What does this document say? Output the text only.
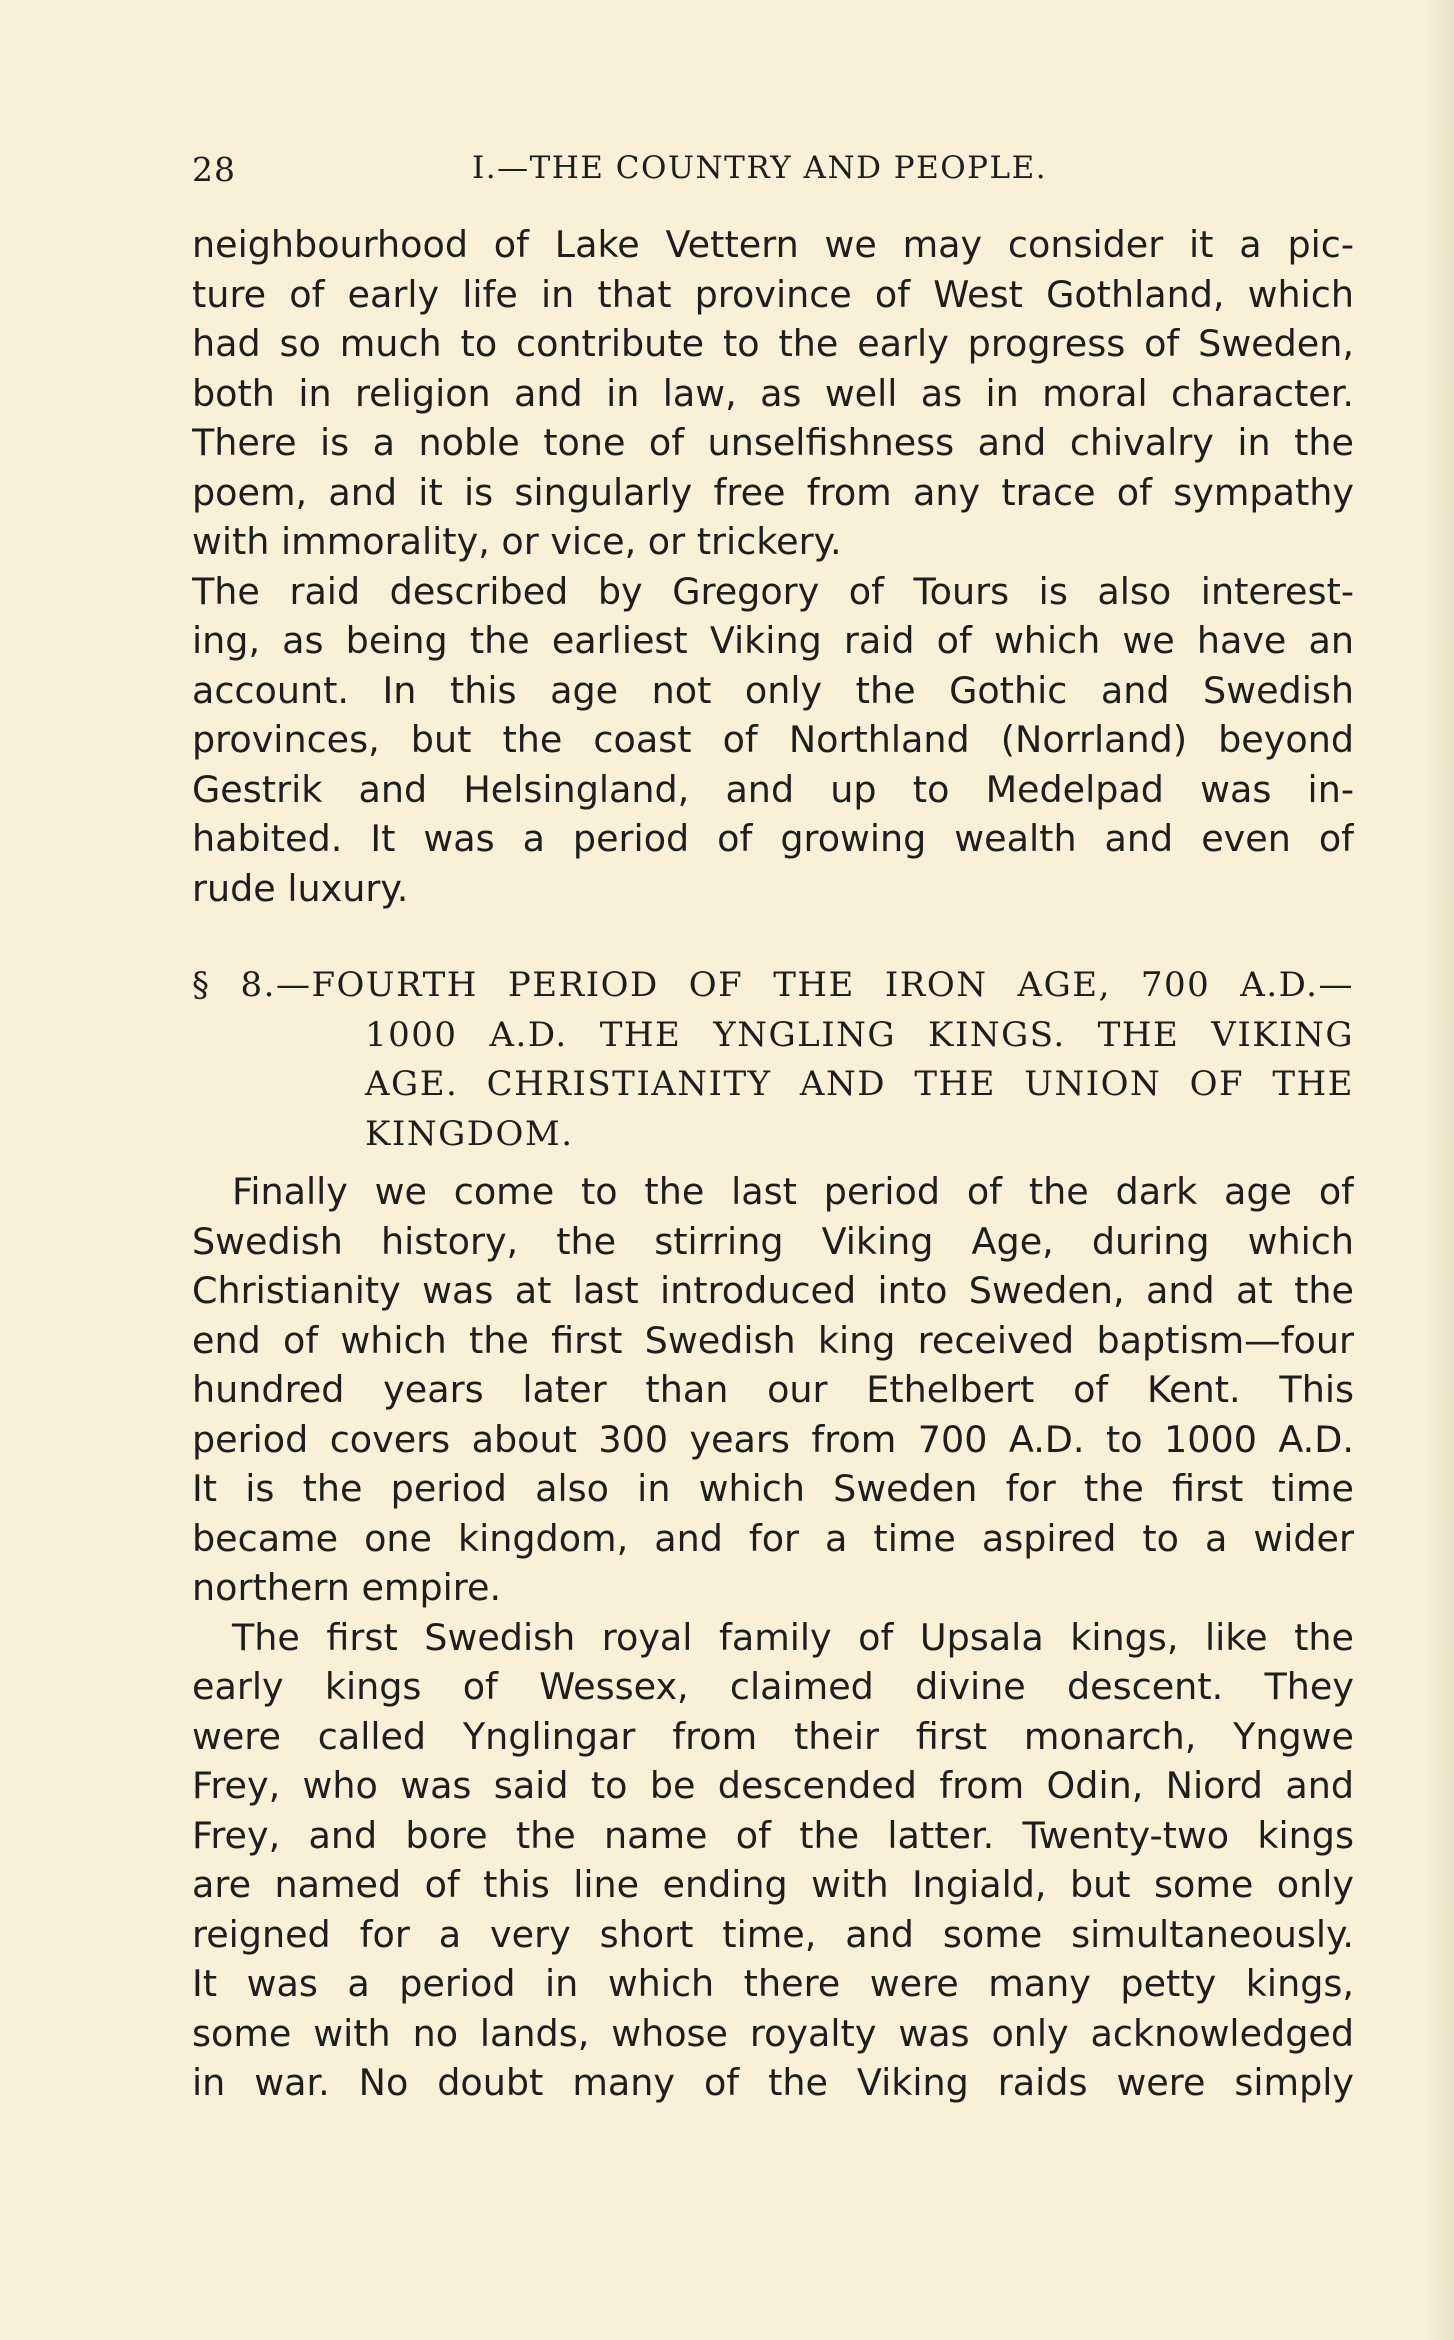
28	I.—THE COUNTRY AND PEOPLE.
neighbourhood of Lake Vettern we may consider it a pic-
ture of early life in that province of West Gothland, which
had so much to contribute to the early progress of Sweden,
both in religion and in law, as well as in moral character.
There is a noble tone of unselfishness and chivalry in the
poem, and it is singularly free from any trace of sympathy
with immorality, or vice, or trickery.
The raid described by Gregory of Tours is also interest-
ing, as being the earliest Viking raid of which we have an
account. In this age not only the Gothic and Swedish
provinces, but the coast of Northland (Norrland) beyond
Gestrik and Helsingland, and up to Medelpad was in-
habited. It was a period of growing wealth and even of
rude luxury.
§ 8.—FOURTH PERIOD OF THE IRON AGE, 700 A.D.—
1000 A.D. THE YNGLING KINGS. THE VIKING
AGE. CHRISTIANITY AND THE UNION OF THE
KINGDOM.
Finally we come to the last period of the dark age of
Swedish history, the stirring Viking Age, during which
Christianity was at last introduced into Sweden, and at the
end of which the first Swedish king received baptism—four
hundred years later than our Ethelbert of Kent. This
period covers about 300 years from 700 A.D. to 1000 A.D.
It is the period also in which Sweden for the first time
became one kingdom, and for a time aspired to a wider
northern empire.
The first Swedish royal family of Upsala kings, like the
early kings of Wessex, claimed divine descent. They
were called Ynglingar from their first monarch, Yngwe
Frey, who was said to be descended from Odin, Niord and
Frey, and bore the name of the latter. Twenty-two kings
are named of this line ending with Ingiald, but some only
reigned for a very short time, and some simultaneously.
It was a period in which there were many petty kings,
some with no lands, whose royalty was only acknowledged
in war. No doubt many of the Viking raids were simply
